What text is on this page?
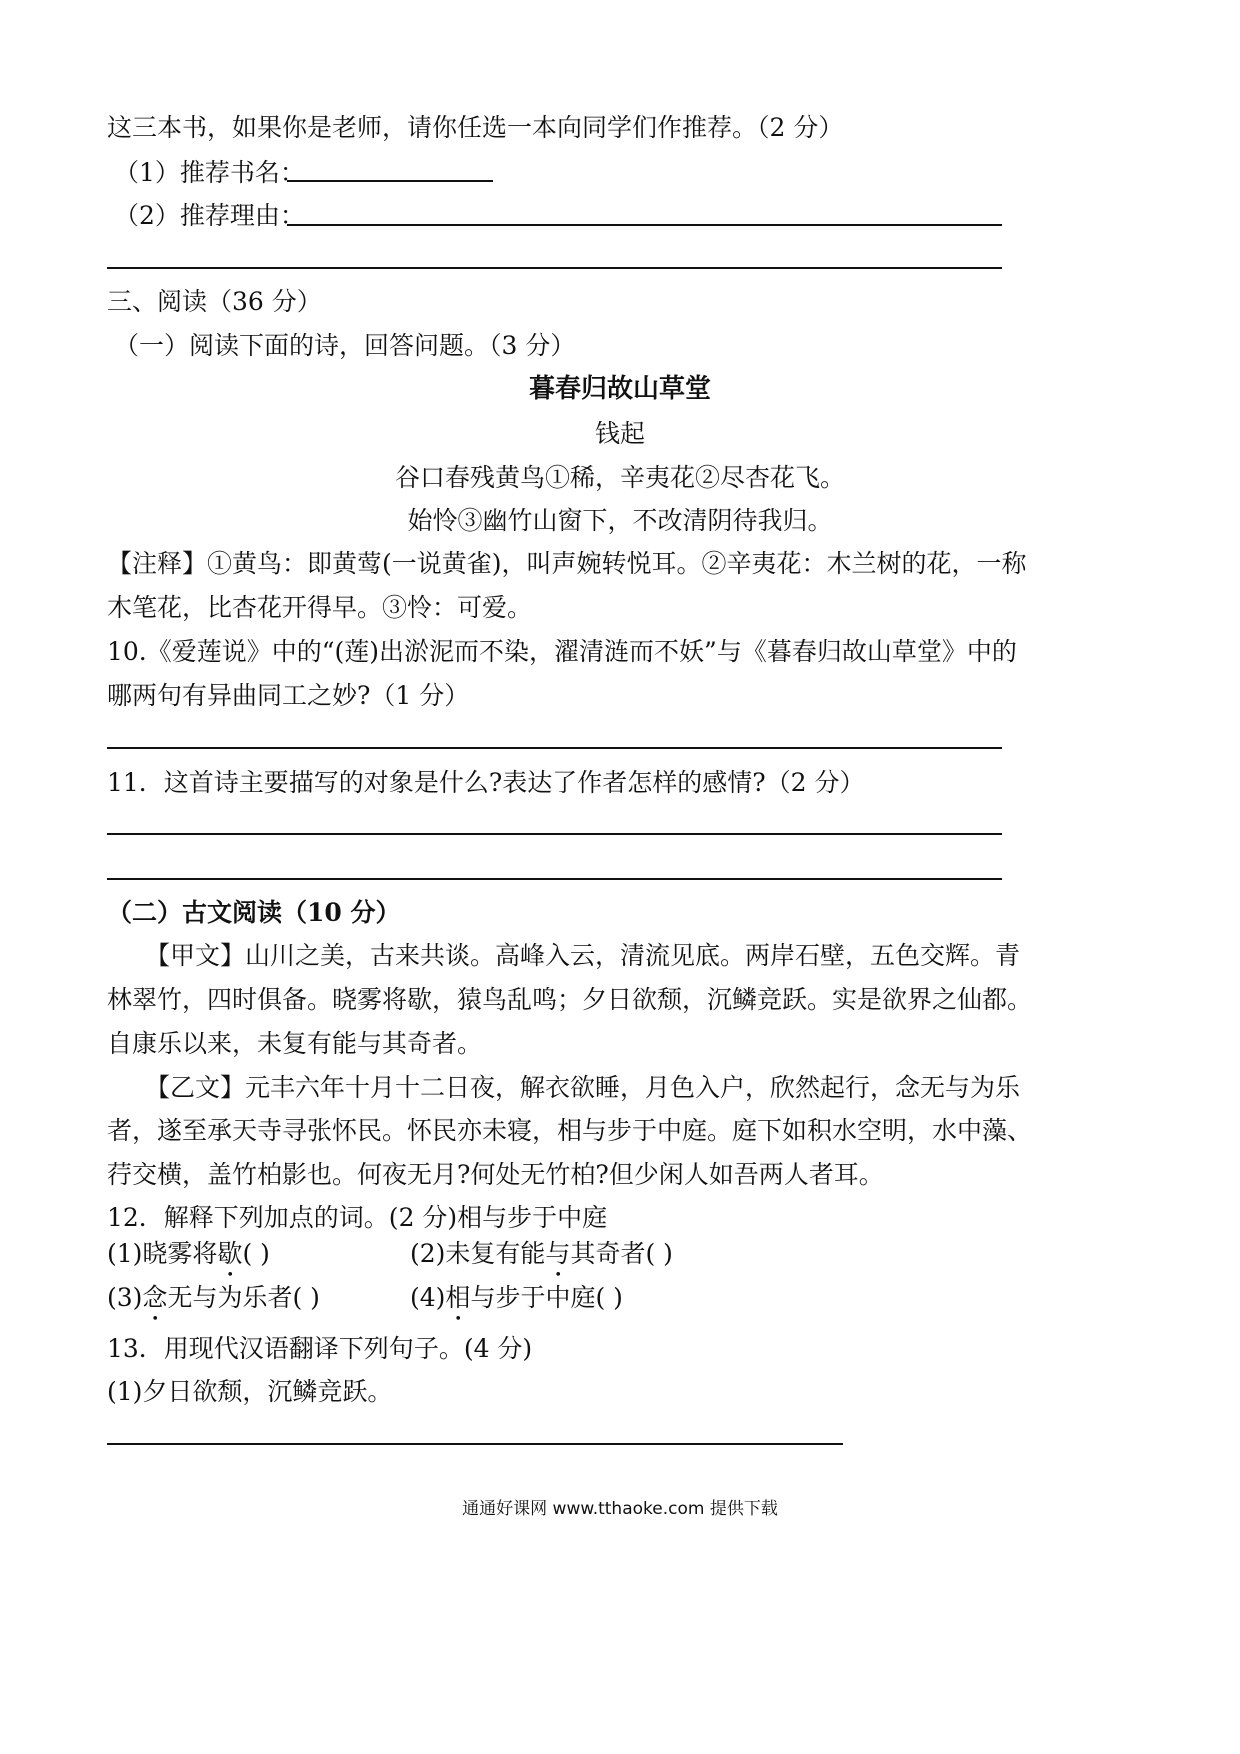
这三本书，如果你是老师，请你任选一本向同学们作推荐。（2 分）
（1）推荐书名：
（2）推荐理由：
三、阅读（36 分）
（一）阅读下面的诗，回答问题。（3 分）
暮春归故山草堂
钱起
谷口春残黄鸟①稀，辛夷花②尽杏花飞。
始怜③幽竹山窗下，不改清阴待我归。
【注释】①黄鸟：即黄莺(一说黄雀)，叫声婉转悦耳。②辛夷花：木兰树的花，一称
木笔花，比杏花开得早。③怜：可爱。
10.《爱莲说》中的“(莲)出淤泥而不染，濯清涟而不妖”与《暮春归故山草堂》中的
哪两句有异曲同工之妙?（1 分）
11．这首诗主要描写的对象是什么?表达了作者怎样的感情?（2 分）
（二）古文阅读（10 分）
【甲文】山川之美，古来共谈。高峰入云，清流见底。两岸石壁，五色交辉。青
林翠竹，四时俱备。晓雾将歇，猿鸟乱鸣；夕日欲颓，沉鳞竞跃。实是欲界之仙都。
自康乐以来，未复有能与其奇者。
【乙文】元丰六年十月十二日夜，解衣欲睡，月色入户，欣然起行，念无与为乐
者，遂至承天寺寻张怀民。怀民亦未寝，相与步于中庭。庭下如积水空明，水中藻、
荇交横，盖竹柏影也。何夜无月?何处无竹柏?但少闲人如吾两人者耳。
12．解释下列加点的词。(2 分)相与步于中庭
(1)晓雾将歇( )	(2)未复有能与其奇者( )
(3)念无与为乐者( )	(4)相与步于中庭( )
13．用现代汉语翻译下列句子。(4 分)
(1)夕日欲颓，沉鳞竞跃。
通通好课网 www.tthaoke.com 提供下载
